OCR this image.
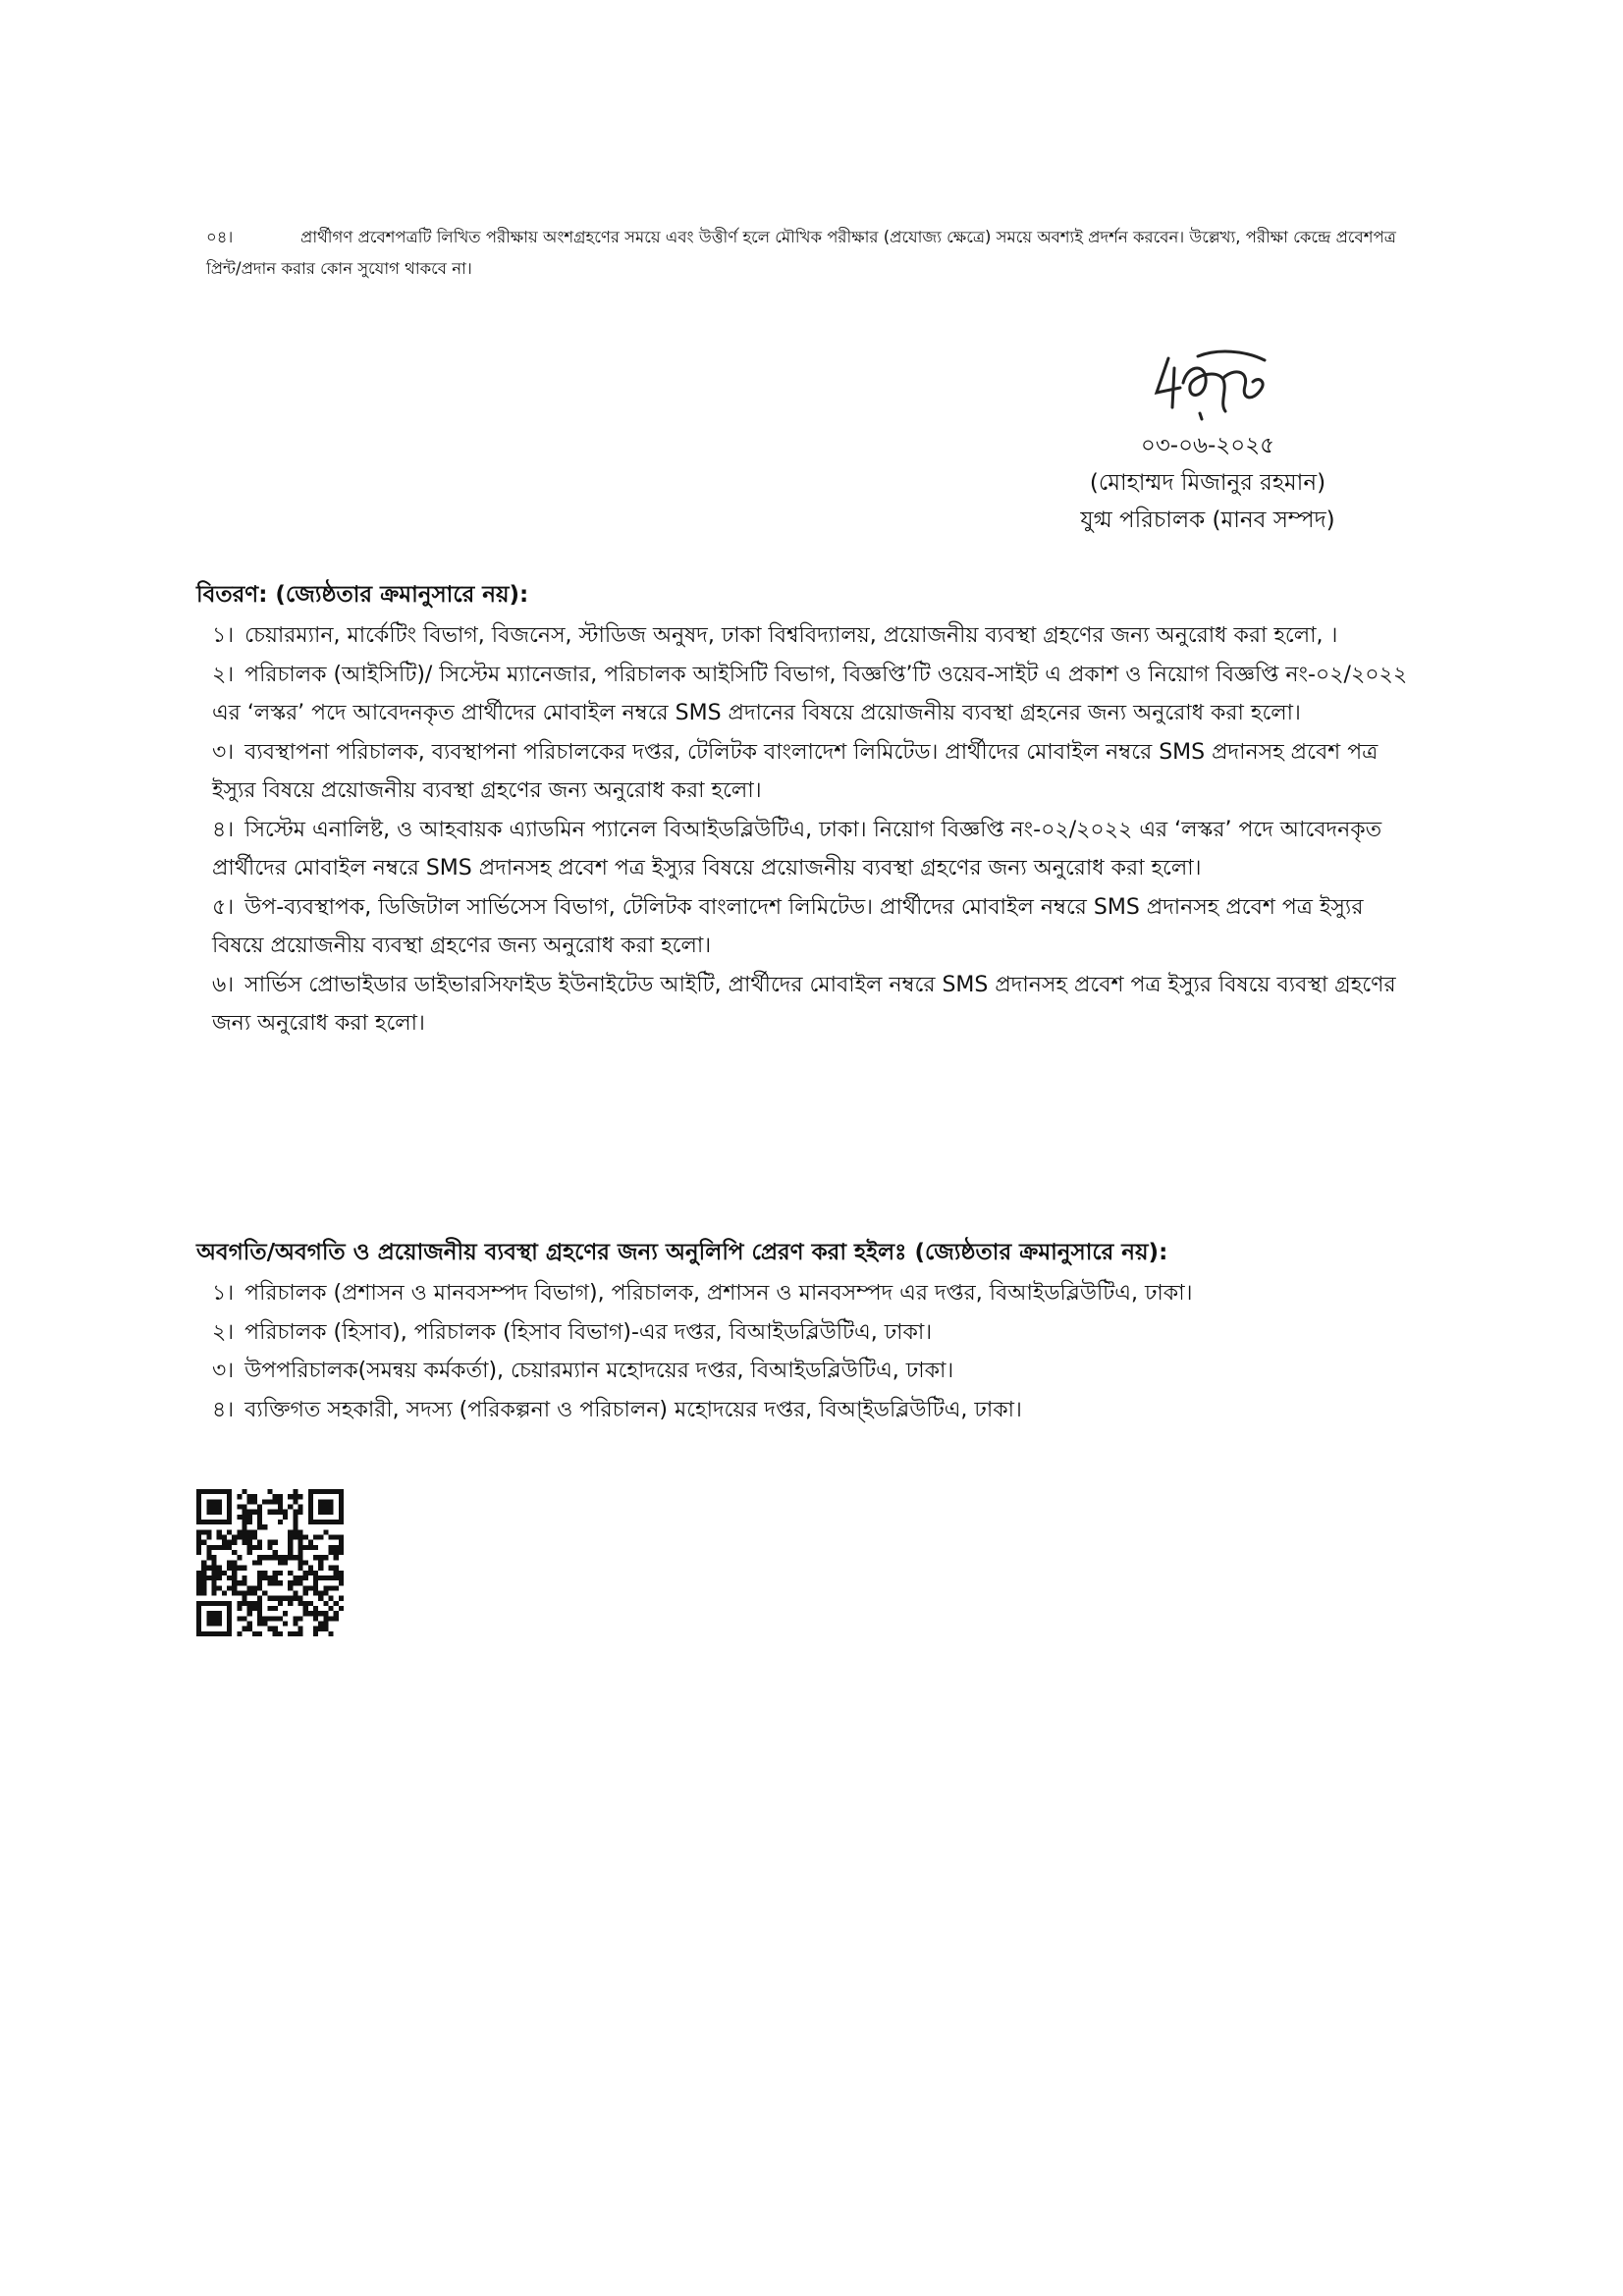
০৪।	প্রার্থীগণ প্রবেশপত্রটি লিখিত পরীক্ষায় অংশগ্রহণের সময়ে এবং উত্তীর্ণ হলে মৌখিক পরীক্ষার (প্রযোজ্য ক্ষেত্রে) সময়ে অবশ্যই প্রদর্শন করবেন। উল্লেখ্য, পরীক্ষা কেন্দ্রে প্রবেশপত্র প্রিন্ট/প্রদান করার কোন সুযোগ থাকবে না।
০৩-০৬-২০২৫
(মোহাম্মদ মিজানুর রহমান)
যুগ্ম পরিচালক (মানব সম্পদ)

বিতরণ: (জ্যেষ্ঠতার ক্রমানুসারে নয়):

১। চেয়ারম্যান, মার্কেটিং বিভাগ, বিজনেস, স্টাডিজ অনুষদ, ঢাকা বিশ্ববিদ্যালয়, প্রয়োজনীয় ব্যবস্থা গ্রহণের জন্য অনুরোধ করা হলো, ।
২। পরিচালক (আইসিটি)/ সিস্টেম ম্যানেজার, পরিচালক আইসিটি বিভাগ, বিজ্ঞপ্তি’টি ওয়েব-সাইট এ প্রকাশ ও নিয়োগ বিজ্ঞপ্তি নং-০২/২০২২ এর ‘লস্কর’ পদে আবেদনকৃত প্রার্থীদের মোবাইল নম্বরে SMS প্রদানের বিষয়ে প্রয়োজনীয় ব্যবস্থা গ্রহনের জন্য অনুরোধ করা হলো।
৩। ব্যবস্থাপনা পরিচালক, ব্যবস্থাপনা পরিচালকের দপ্তর, টেলিটক বাংলাদেশ লিমিটেড। প্রার্থীদের মোবাইল নম্বরে SMS প্রদানসহ প্রবেশ পত্র ইস্যুর বিষয়ে প্রয়োজনীয় ব্যবস্থা গ্রহণের জন্য অনুরোধ করা হলো।
৪। সিস্টেম এনালিষ্ট, ও আহবায়ক এ্যাডমিন প্যানেল বিআইডব্লিউটিএ, ঢাকা। নিয়োগ বিজ্ঞপ্তি নং-০২/২০২২ এর ‘লস্কর’ পদে আবেদনকৃত প্রার্থীদের মোবাইল নম্বরে SMS প্রদানসহ প্রবেশ পত্র ইস্যুর বিষয়ে প্রয়োজনীয় ব্যবস্থা গ্রহণের জন্য অনুরোধ করা হলো।
৫। উপ-ব্যবস্থাপক, ডিজিটাল সার্ভিসেস বিভাগ, টেলিটক বাংলাদেশ লিমিটেড। প্রার্থীদের মোবাইল নম্বরে SMS প্রদানসহ প্রবেশ পত্র ইস্যুর বিষয়ে প্রয়োজনীয় ব্যবস্থা গ্রহণের জন্য অনুরোধ করা হলো।
৬। সার্ভিস প্রোভাইডার ডাইভারসিফাইড ইউনাইটেড আইটি, প্রার্থীদের মোবাইল নম্বরে SMS প্রদানসহ প্রবেশ পত্র ইস্যুর বিষয়ে ব্যবস্থা গ্রহণের জন্য অনুরোধ করা হলো।

অবগতি/অবগতি ও প্রয়োজনীয় ব্যবস্থা গ্রহণের জন্য অনুলিপি প্রেরণ করা হইলঃ (জ্যেষ্ঠতার ক্রমানুসারে নয়):

১। পরিচালক (প্রশাসন ও মানবসম্পদ বিভাগ), পরিচালক, প্রশাসন ও মানবসম্পদ এর দপ্তর, বিআইডব্লিউটিএ, ঢাকা।
২। পরিচালক (হিসাব), পরিচালক (হিসাব বিভাগ)-এর দপ্তর, বিআইডব্লিউটিএ, ঢাকা।
৩। উপপরিচালক(সমন্বয় কর্মকর্তা), চেয়ারম্যান মহোদয়ের দপ্তর, বিআইডব্লিউটিএ, ঢাকা।
৪। ব্যক্তিগত সহকারী, সদস্য (পরিকল্পনা ও পরিচালন) মহোদয়ের দপ্তর, বিআ্ইডব্লিউটিএ, ঢাকা।
